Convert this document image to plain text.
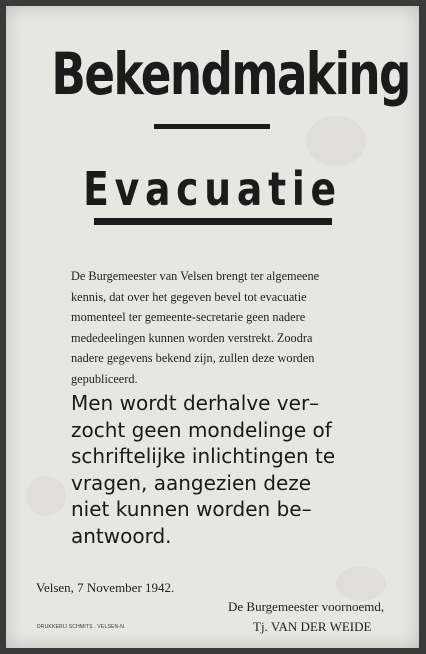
Bekendmaking
Evacuatie
De Burgemeester van Velsen brengt ter algemeene
kennis, dat over het gegeven bevel tot evacuatie
momenteel ter gemeente-secretarie geen nadere
mededeelingen kunnen worden verstrekt. Zoodra
nadere gegevens bekend zijn, zullen deze worden
gepubliceerd.
Men wordt derhalve ver–
zocht geen mondelinge of
schriftelijke inlichtingen te
vragen, aangezien deze
niet kunnen worden be–
antwoord.
Velsen, 7 November 1942.
De Burgemeester voornoemd,
Tj. VAN DER WEIDE
DRUKKERIJ SCHMITS . VELSEN-N.
